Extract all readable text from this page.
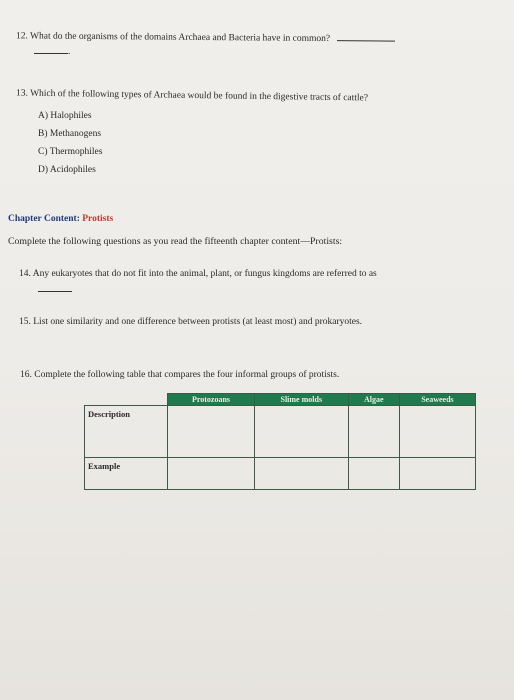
12. What do the organisms of the domains Archaea and Bacteria have in common?
.
13. Which of the following types of Archaea would be found in the digestive tracts of cattle?
A) Halophiles
B) Methanogens
C) Thermophiles
D) Acidophiles
Chapter Content: Protists
Complete the following questions as you read the fifteenth chapter content—Protists:
14. Any eukaryotes that do not fit into the animal, plant, or fungus kingdoms are referred to as
15. List one similarity and one difference between protists (at least most) and prokaryotes.
16. Complete the following table that compares the four informal groups of protists.
	Protozoans	Slime molds	Algae	Seaweeds
Description				
Example				
